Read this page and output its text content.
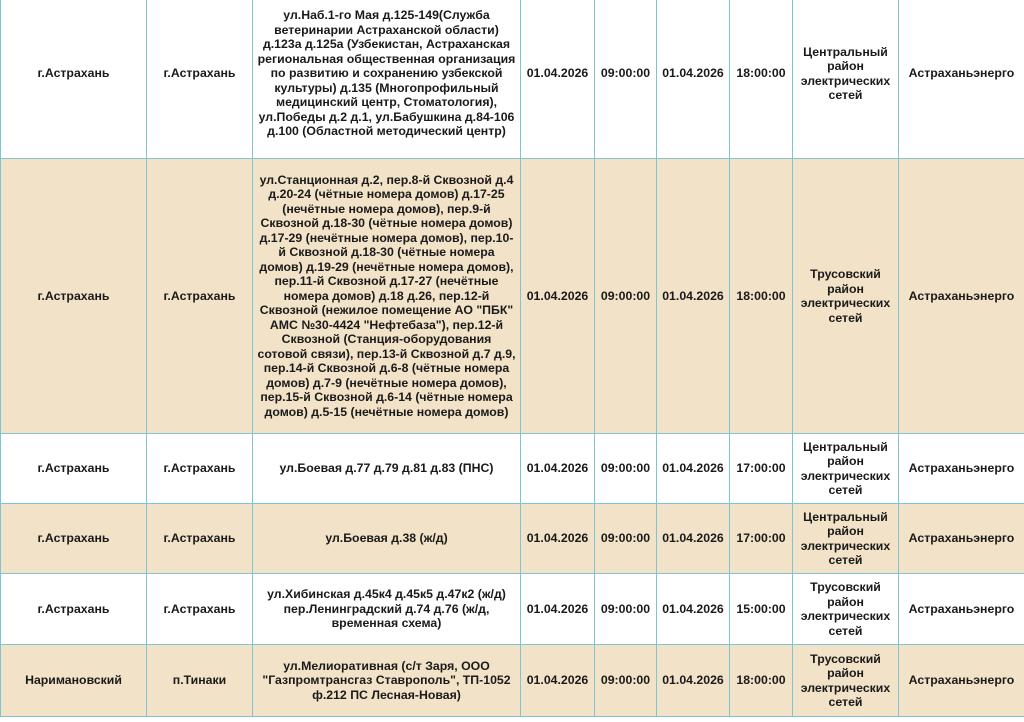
г.Астрахань	г.Астрахань	ул.Наб.1-го Мая д.125-149(Служба ветеринарии Астраханской области) д.123а д.125а (Узбекистан, Астраханская региональная общественная организация по развитию и сохранению узбекской культуры) д.135 (Многопрофильный медицинский центр, Стоматология), ул.Победы д.2 д.1, ул.Бабушкина д.84-106 д.100 (Областной методический центр)	01.04.2026	09:00:00	01.04.2026	18:00:00	Центральный район электрических сетей	Астраханьэнерго
г.Астрахань	г.Астрахань	ул.Станционная д.2, пер.8-й Сквозной д.4 д.20-24 (чётные номера домов) д.17-25 (нечётные номера домов), пер.9-й Сквозной д.18-30 (чётные номера домов) д.17-29 (нечётные номера домов), пер.10-й Сквозной д.18-30 (чётные номера домов) д.19-29 (нечётные номера домов), пер.11-й Сквозной д.17-27 (нечётные номера домов) д.18 д.26, пер.12-й Сквозной (нежилое помещение АО "ПБК" АМС №30-4424 "Нефтебаза"), пер.12-й Сквозной (Станция-оборудования сотовой связи), пер.13-й Сквозной д.7 д.9, пер.14-й Сквозной д.6-8 (чётные номера домов) д.7-9 (нечётные номера домов), пер.15-й Сквозной д.6-14 (чётные номера домов) д.5-15 (нечётные номера домов)	01.04.2026	09:00:00	01.04.2026	18:00:00	Трусовский район электрических сетей	Астраханьэнерго
г.Астрахань	г.Астрахань	ул.Боевая д.77 д.79 д.81 д.83 (ПНС)	01.04.2026	09:00:00	01.04.2026	17:00:00	Центральный район электрических сетей	Астраханьэнерго
г.Астрахань	г.Астрахань	ул.Боевая д.38 (ж/д)	01.04.2026	09:00:00	01.04.2026	17:00:00	Центральный район электрических сетей	Астраханьэнерго
г.Астрахань	г.Астрахань	ул.Хибинская д.45к4 д.45к5 д.47к2 (ж/д) пер.Ленинградский д.74 д.76 (ж/д, временная схема)	01.04.2026	09:00:00	01.04.2026	15:00:00	Трусовский район электрических сетей	Астраханьэнерго
Наримановский	п.Тинаки	ул.Мелиоративная (с/т Заря, ООО "Газпромтрансгаз Ставрополь", ТП-1052 ф.212 ПС Лесная-Новая)	01.04.2026	09:00:00	01.04.2026	18:00:00	Трусовский район электрических сетей	Астраханьэнерго
